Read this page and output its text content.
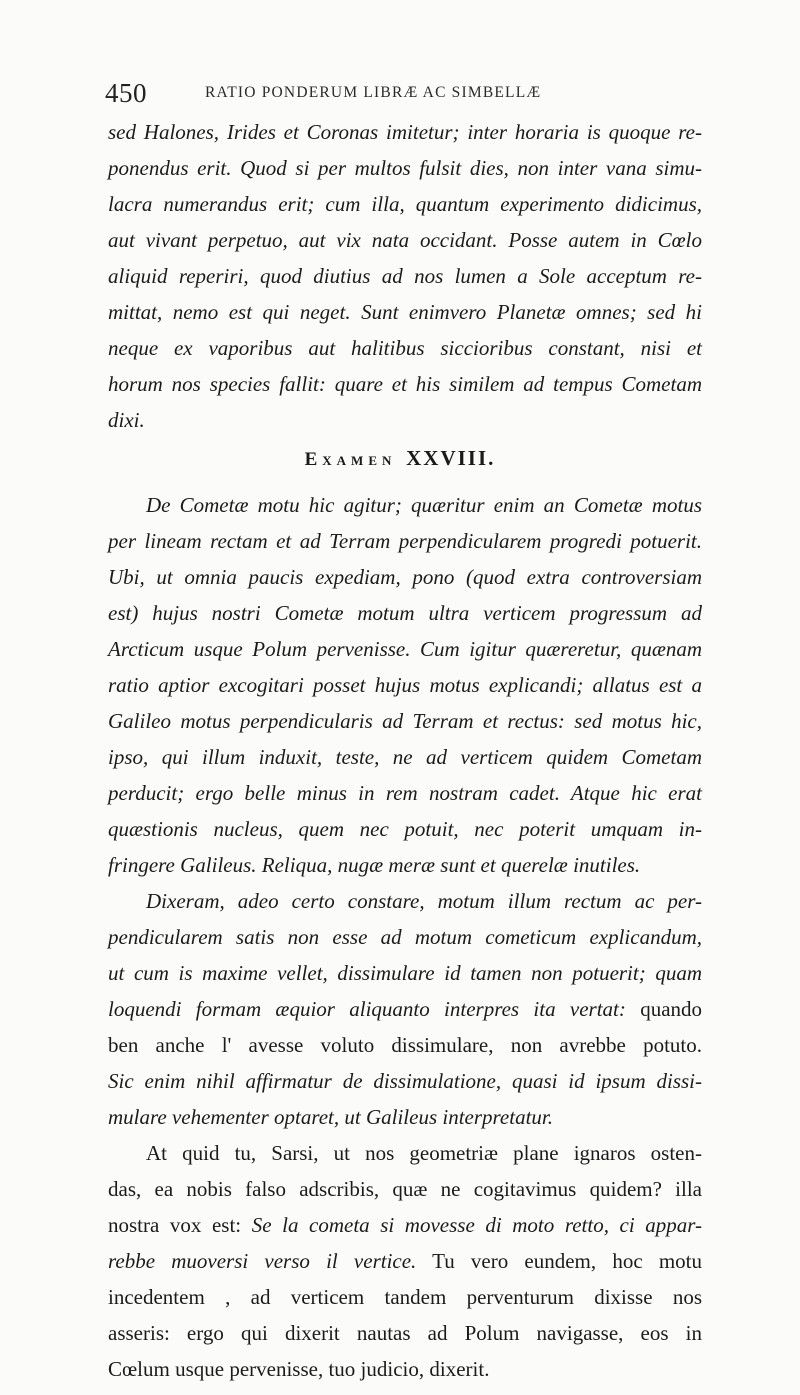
450	RATIO PONDERUM LIBRÆ AC SIMBELLÆ
sed Halones, Irides et Coronas imitetur; inter horaria is quoque re-
ponendus erit. Quod si per multos fulsit dies, non inter vana simu-
lacra numerandus erit; cum illa, quantum experimento didicimus,
aut vivant perpetuo, aut vix nata occidant. Posse autem in Cœlo
aliquid reperiri, quod diutius ad nos lumen a Sole acceptum re-
mittat, nemo est qui neget. Sunt enimvero Planetæ omnes; sed hi
neque ex vaporibus aut halitibus siccioribus constant, nisi et
horum nos species fallit: quare et his similem ad tempus Cometam
dixi.
Examen XXVIII.
De Cometæ motu hic agitur; quæritur enim an Cometæ motus
per lineam rectam et ad Terram perpendicularem progredi potuerit.
Ubi, ut omnia paucis expediam, pono (quod extra controversiam
est) hujus nostri Cometæ motum ultra verticem progressum ad
Arcticum usque Polum pervenisse. Cum igitur quæreretur, quænam
ratio aptior excogitari posset hujus motus explicandi; allatus est a
Galileo motus perpendicularis ad Terram et rectus: sed motus hic,
ipso, qui illum induxit, teste, ne ad verticem quidem Cometam
perducit; ergo belle minus in rem nostram cadet. Atque hic erat
quæstionis nucleus, quem nec potuit, nec poterit umquam in-
fringere Galileus. Reliqua, nugæ meræ sunt et querelæ inutiles.
Dixeram, adeo certo constare, motum illum rectum ac per-
pendicularem satis non esse ad motum cometicum explicandum,
ut cum is maxime vellet, dissimulare id tamen non potuerit; quam
loquendi formam æquior aliquanto interpres ita vertat: quando
ben anche l' avesse voluto dissimulare, non avrebbe potuto.
Sic enim nihil affirmatur de dissimulatione, quasi id ipsum dissi-
mulare vehementer optaret, ut Galileus interpretatur.
At quid tu, Sarsi, ut nos geometriæ plane ignaros osten-
das, ea nobis falso adscribis, quæ ne cogitavimus quidem? illa
nostra vox est: Se la cometa si movesse di moto retto, ci appar-
rebbe muoversi verso il vertice. Tu vero eundem, hoc motu
incedentem , ad verticem tandem perventurum dixisse nos
asseris: ergo qui dixerit nautas ad Polum navigasse, eos in
Cœlum usque pervenisse, tuo judicio, dixerit.
